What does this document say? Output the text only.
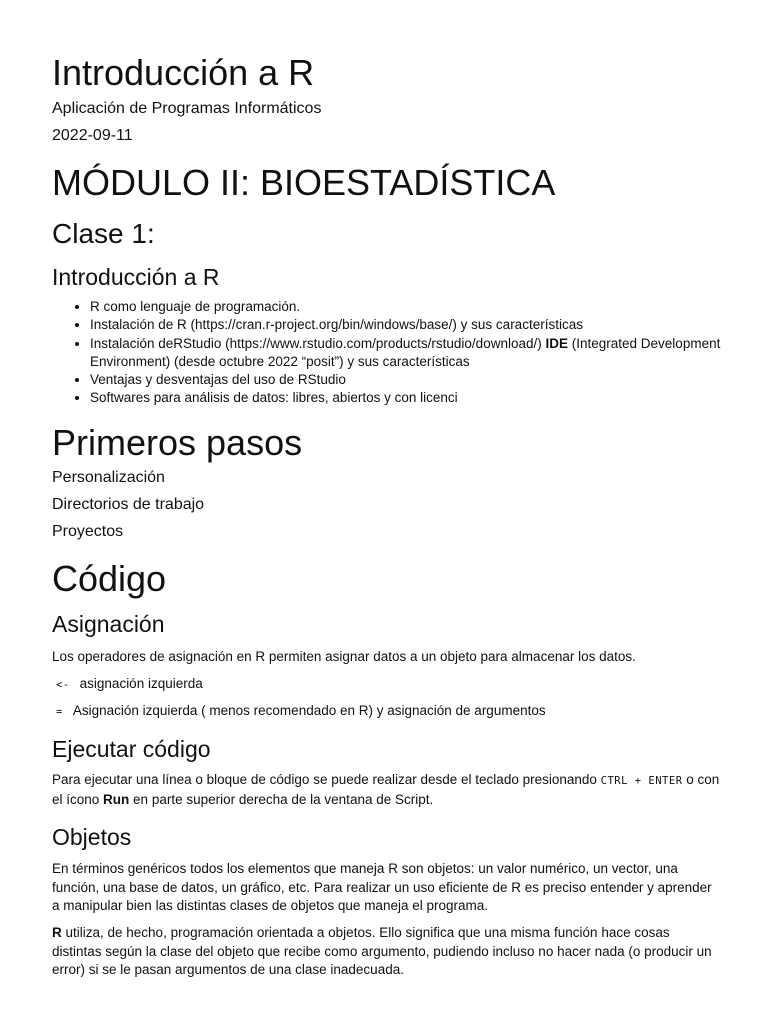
Introducción a R
Aplicación de Programas Informáticos
2022-09-11
MÓDULO II: BIOESTADÍSTICA
Clase 1:
Introducción a R
• R como lenguaje de programación.
• Instalación de R (https://cran.r-project.org/bin/windows/base/) y sus características
• Instalación deRStudio (https://www.rstudio.com/products/rstudio/download/) IDE (Integrated Development Environment) (desde octubre 2022 “posit”) y sus características
• Ventajas y desventajas del uso de RStudio
• Softwares para análisis de datos: libres, abiertos y con licenci
Primeros pasos
Personalización
Directorios de trabajo
Proyectos
Código
Asignación

Los operadores de asignación en R permiten asignar datos a un objeto para almacenar los datos.

<- asignación izquierda
= Asignación izquierda ( menos recomendado en R) y asignación de argumentos
Ejecutar código

Para ejecutar una línea o bloque de código se puede realizar desde el teclado presionando CTRL + ENTER o con el ícono Run en parte superior derecha de la ventana de Script.

Objetos

En términos genéricos todos los elementos que maneja R son objetos: un valor numérico, un vector, una función, una base de datos, un gráfico, etc. Para realizar un uso eficiente de R es preciso entender y aprender a manipular bien las distintas clases de objetos que maneja el programa.

R utiliza, de hecho, programación orientada a objetos. Ello significa que una misma función hace cosas distintas según la clase del objeto que recibe como argumento, pudiendo incluso no hacer nada (o producir un error) si se le pasan argumentos de una clase inadecuada.
